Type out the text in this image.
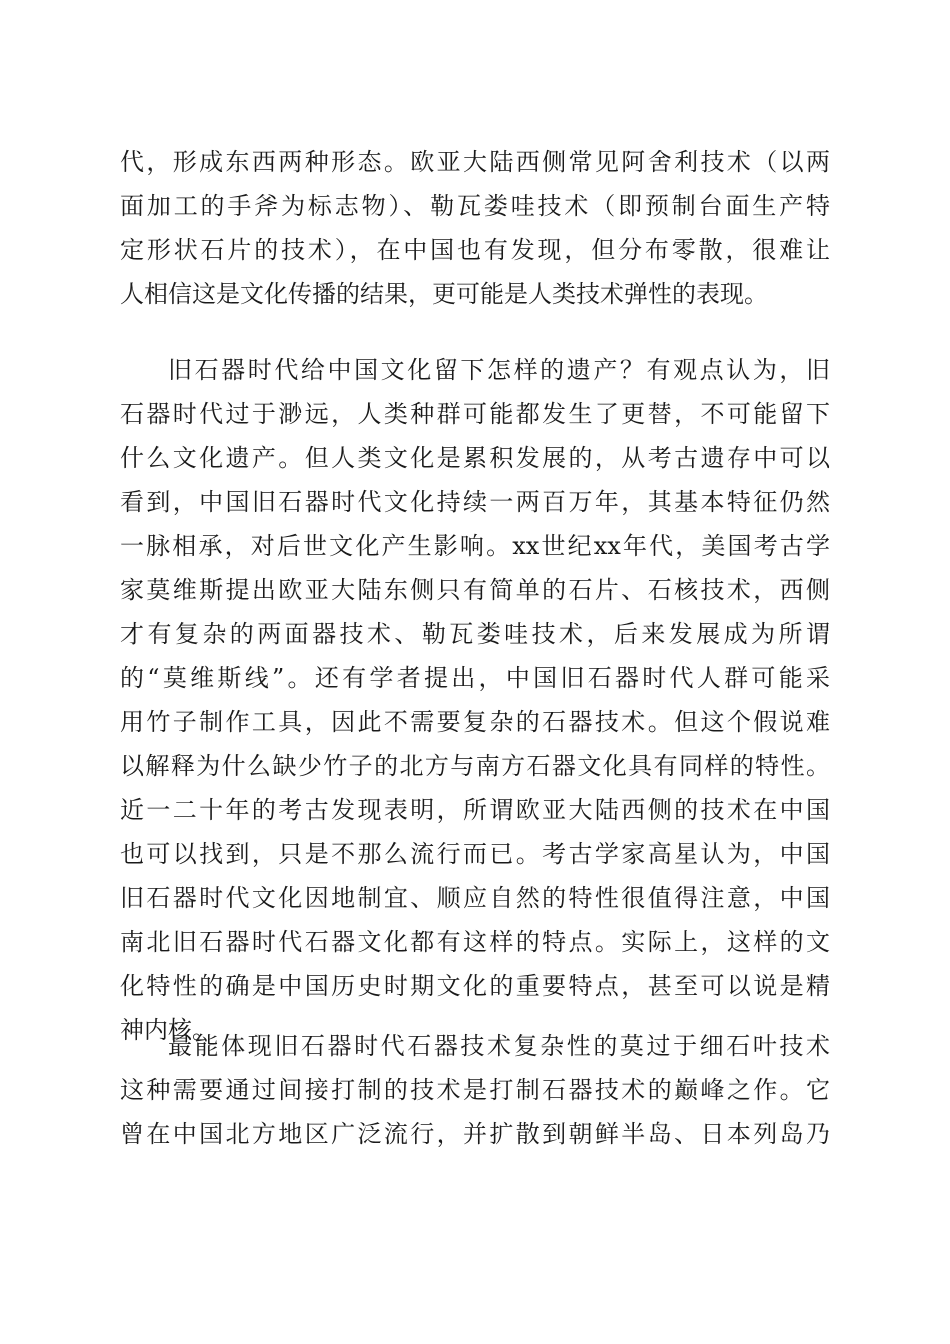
代，形成东西两种形态。欧亚大陆西侧常见阿舍利技术（以两
面加工的手斧为标志物）、勒瓦娄哇技术（即预制台面生产特
定形状石片的技术），在中国也有发现，但分布零散，很难让
人相信这是文化传播的结果，更可能是人类技术弹性的表现。
旧石器时代给中国文化留下怎样的遗产？有观点认为，旧
石器时代过于渺远，人类种群可能都发生了更替，不可能留下
什么文化遗产。但人类文化是累积发展的，从考古遗存中可以
看到，中国旧石器时代文化持续一两百万年，其基本特征仍然
一脉相承，对后世文化产生影响。xx世纪xx年代，美国考古学
家莫维斯提出欧亚大陆东侧只有简单的石片、石核技术，西侧
才有复杂的两面器技术、勒瓦娄哇技术，后来发展成为所谓
的“莫维斯线”。还有学者提出，中国旧石器时代人群可能采
用竹子制作工具，因此不需要复杂的石器技术。但这个假说难
以解释为什么缺少竹子的北方与南方石器文化具有同样的特性。
近一二十年的考古发现表明，所谓欧亚大陆西侧的技术在中国
也可以找到，只是不那么流行而已。考古学家高星认为，中国
旧石器时代文化因地制宜、顺应自然的特性很值得注意，中国
南北旧石器时代石器文化都有这样的特点。实际上，这样的文
化特性的确是中国历史时期文化的重要特点，甚至可以说是精
神内核。
最能体现旧石器时代石器技术复杂性的莫过于细石叶技术
这种需要通过间接打制的技术是打制石器技术的巅峰之作。它
曾在中国北方地区广泛流行，并扩散到朝鲜半岛、日本列岛乃
